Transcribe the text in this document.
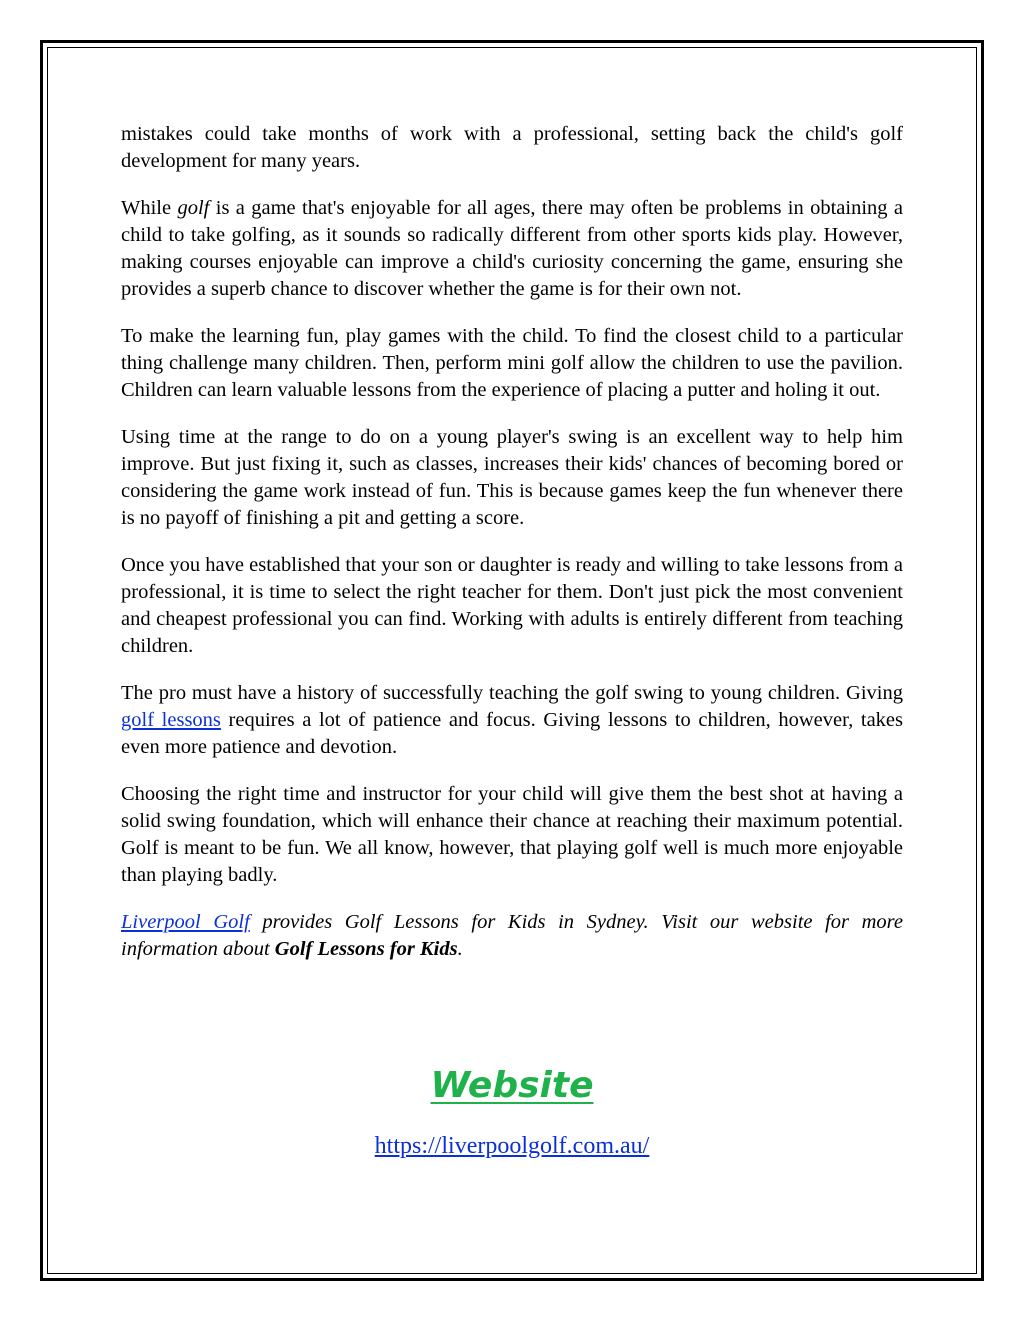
mistakes could take months of work with a professional, setting back the child's golf development for many years.

While golf is a game that's enjoyable for all ages, there may often be problems in obtaining a child to take golfing, as it sounds so radically different from other sports kids play. However, making courses enjoyable can improve a child's curiosity concerning the game, ensuring she provides a superb chance to discover whether the game is for their own not.

To make the learning fun, play games with the child. To find the closest child to a particular thing challenge many children. Then, perform mini golf allow the children to use the pavilion. Children can learn valuable lessons from the experience of placing a putter and holing it out.

Using time at the range to do on a young player's swing is an excellent way to help him improve. But just fixing it, such as classes, increases their kids' chances of becoming bored or considering the game work instead of fun. This is because games keep the fun whenever there is no payoff of finishing a pit and getting a score.

Once you have established that your son or daughter is ready and willing to take lessons from a professional, it is time to select the right teacher for them. Don't just pick the most convenient and cheapest professional you can find. Working with adults is entirely different from teaching children.

The pro must have a history of successfully teaching the golf swing to young children. Giving golf lessons requires a lot of patience and focus. Giving lessons to children, however, takes even more patience and devotion.

Choosing the right time and instructor for your child will give them the best shot at having a solid swing foundation, which will enhance their chance at reaching their maximum potential. Golf is meant to be fun. We all know, however, that playing golf well is much more enjoyable than playing badly.

Liverpool Golf provides Golf Lessons for Kids in Sydney. Visit our website for more information about Golf Lessons for Kids.

Website
https://liverpoolgolf.com.au/
